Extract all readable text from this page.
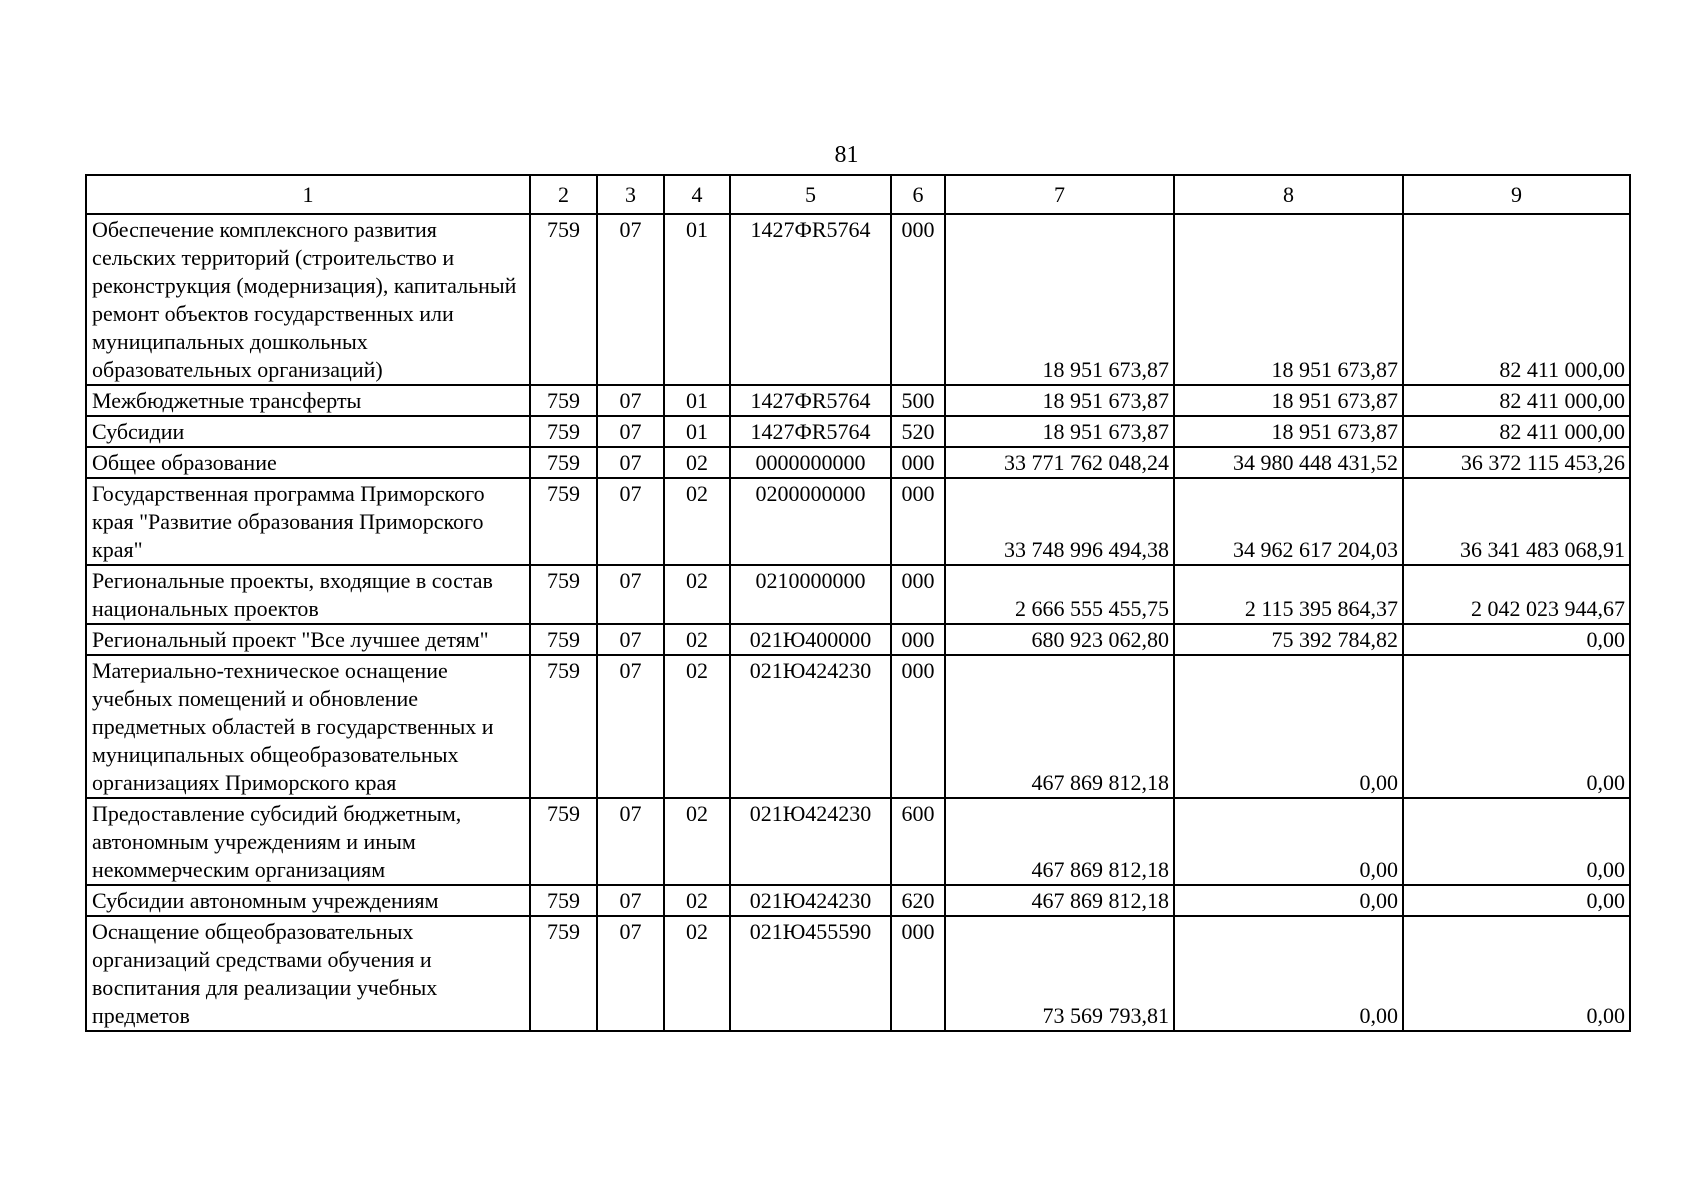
81
1	2	3	4	5	6	7	8	9
Обеспечение комплексного развития сельских территорий (строительство и реконструкция (модернизация), капитальный ремонт объектов государственных или муниципальных дошкольных образовательных организаций)	759	07	01	1427ФR5764	000	18 951 673,87	18 951 673,87	82 411 000,00
Межбюджетные трансферты	759	07	01	1427ФR5764	500	18 951 673,87	18 951 673,87	82 411 000,00
Субсидии	759	07	01	1427ФR5764	520	18 951 673,87	18 951 673,87	82 411 000,00
Общее образование	759	07	02	0000000000	000	33 771 762 048,24	34 980 448 431,52	36 372 115 453,26
Государственная программа Приморского края "Развитие образования Приморского края"	759	07	02	0200000000	000	33 748 996 494,38	34 962 617 204,03	36 341 483 068,91
Региональные проекты, входящие в состав национальных проектов	759	07	02	0210000000	000	2 666 555 455,75	2 115 395 864,37	2 042 023 944,67
Региональный проект "Все лучшее детям"	759	07	02	021Ю400000	000	680 923 062,80	75 392 784,82	0,00
Материально-техническое оснащение учебных помещений и обновление предметных областей в государственных и муниципальных общеобразовательных организациях Приморского края	759	07	02	021Ю424230	000	467 869 812,18	0,00	0,00
Предоставление субсидий бюджетным, автономным учреждениям и иным некоммерческим организациям	759	07	02	021Ю424230	600	467 869 812,18	0,00	0,00
Субсидии автономным учреждениям	759	07	02	021Ю424230	620	467 869 812,18	0,00	0,00
Оснащение общеобразовательных организаций средствами обучения и воспитания для реализации учебных предметов	759	07	02	021Ю455590	000	73 569 793,81	0,00	0,00
